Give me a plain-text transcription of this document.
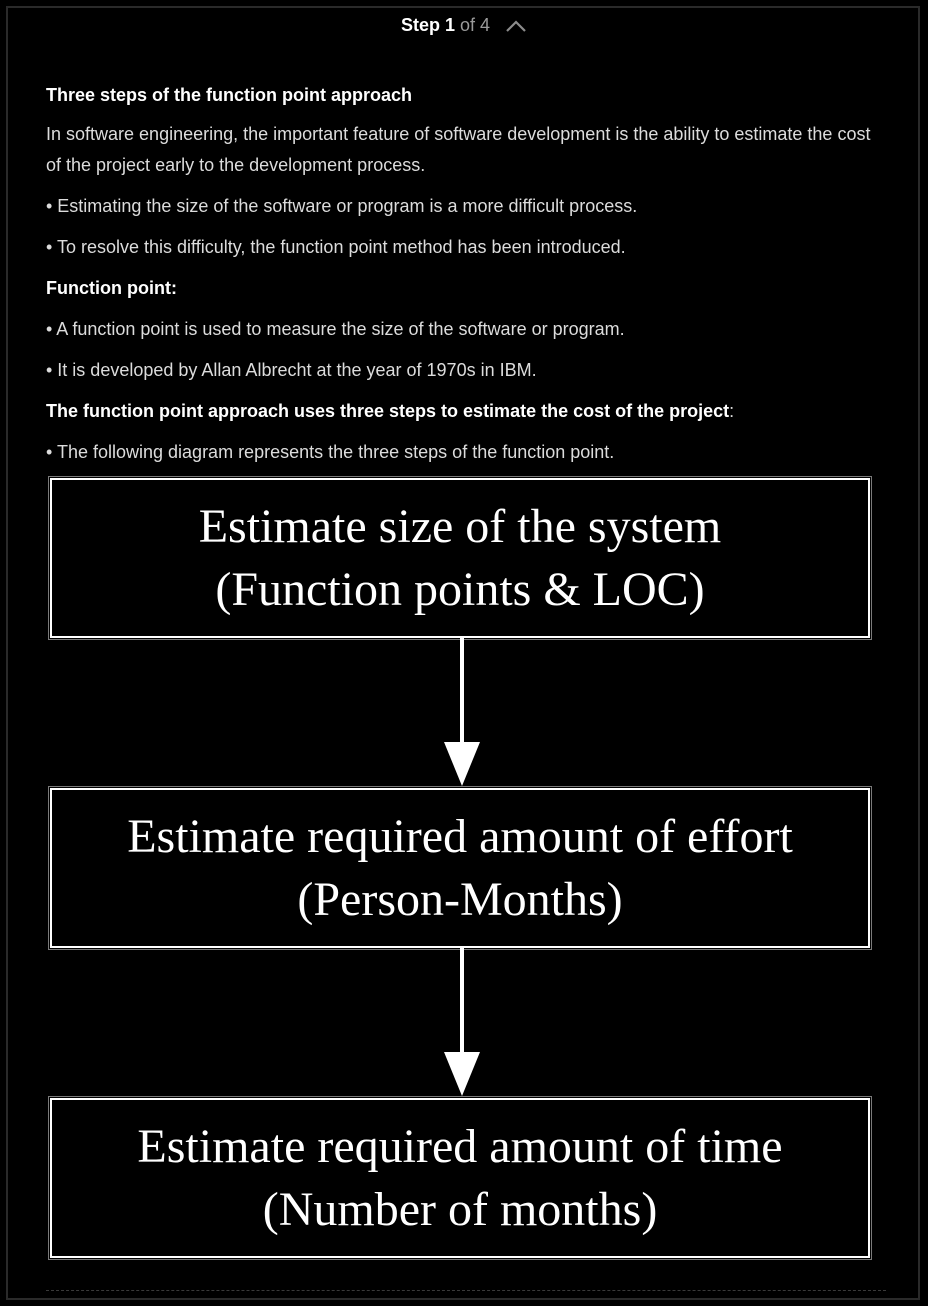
Step 1 of 4

Three steps of the function point approach

In software engineering, the important feature of software development is the ability to estimate the cost of the project early to the development process.

• Estimating the size of the software or program is a more difficult process.

• To resolve this difficulty, the function point method has been introduced.

Function point:

• A function point is used to measure the size of the software or program.

• It is developed by Allan Albrecht at the year of 1970s in IBM.

The function point approach uses three steps to estimate the cost of the project:

• The following diagram represents the three steps of the function point.

Estimate size of the system
(Function points & LOC)
Estimate required amount of effort
(Person-Months)
Estimate required amount of time
(Number of months)
